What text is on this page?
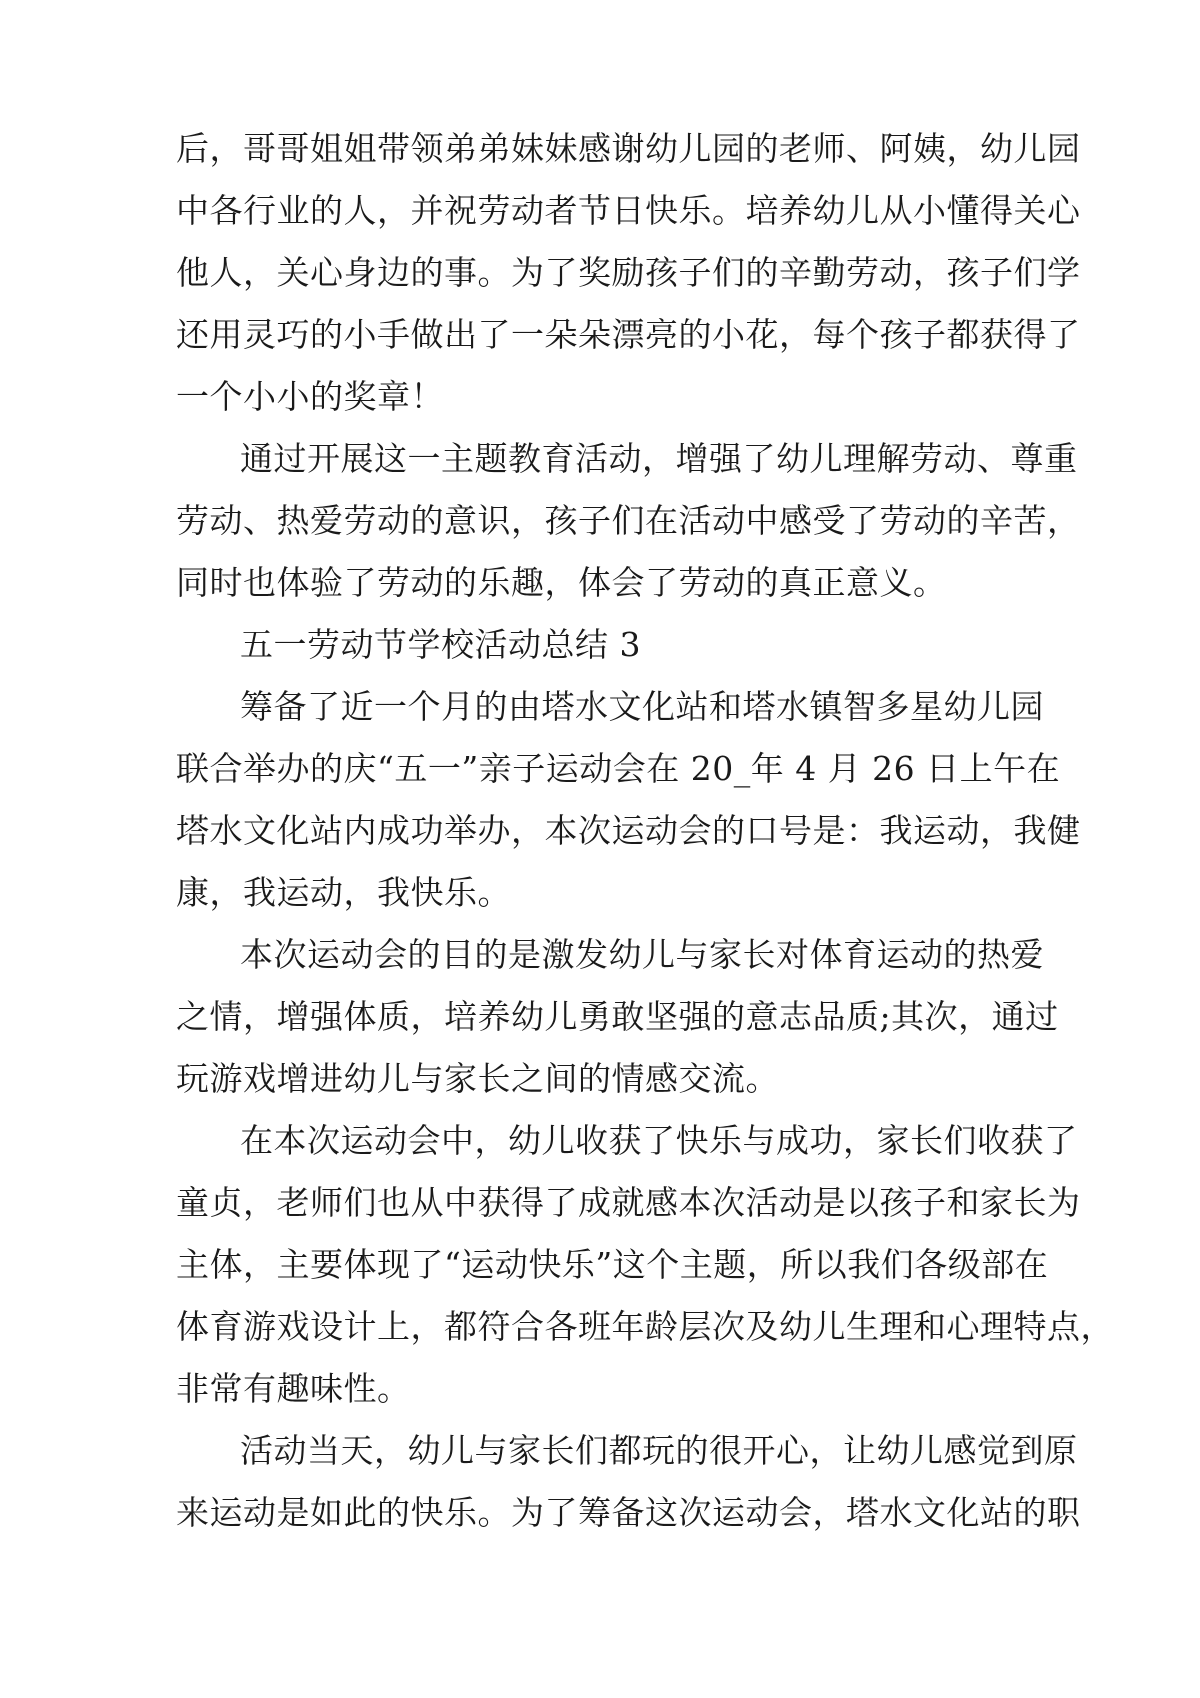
后，哥哥姐姐带领弟弟妹妹感谢幼儿园的老师、阿姨，幼儿园
中各行业的人，并祝劳动者节日快乐。培养幼儿从小懂得关心
他人，关心身边的事。为了奖励孩子们的辛勤劳动，孩子们学
还用灵巧的小手做出了一朵朵漂亮的小花，每个孩子都获得了
一个小小的奖章！
通过开展这一主题教育活动，增强了幼儿理解劳动、尊重
劳动、热爱劳动的意识，孩子们在活动中感受了劳动的辛苦，
同时也体验了劳动的乐趣，体会了劳动的真正意义。
五一劳动节学校活动总结 3
筹备了近一个月的由塔水文化站和塔水镇智多星幼儿园
联合举办的庆“五一”亲子运动会在 20_年 4 月 26 日上午在
塔水文化站内成功举办，本次运动会的口号是：我运动，我健
康，我运动，我快乐。
本次运动会的目的是激发幼儿与家长对体育运动的热爱
之情，增强体质，培养幼儿勇敢坚强的意志品质;其次，通过
玩游戏增进幼儿与家长之间的情感交流。
在本次运动会中，幼儿收获了快乐与成功，家长们收获了
童贞，老师们也从中获得了成就感本次活动是以孩子和家长为
主体，主要体现了“运动快乐”这个主题，所以我们各级部在
体育游戏设计上，都符合各班年龄层次及幼儿生理和心理特点，
非常有趣味性。
活动当天，幼儿与家长们都玩的很开心，让幼儿感觉到原
来运动是如此的快乐。为了筹备这次运动会，塔水文化站的职
